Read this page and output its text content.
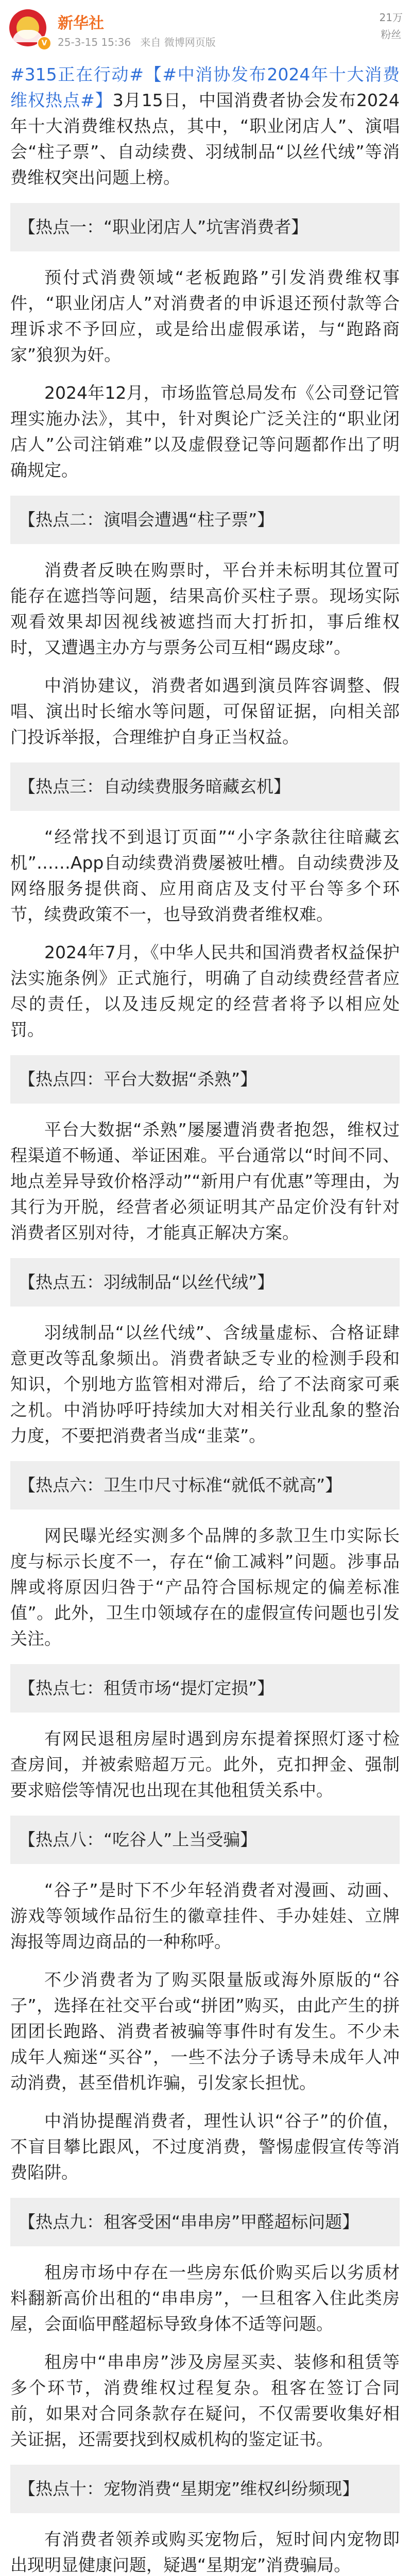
V
新华社
25-3-15 15:36 来自 微博网页版
21万
粉丝

#315正在行动#【#中消协发布2024年十大消费维权热点#】3月15日，中国消费者协会发布2024年十大消费维权热点，其中，“职业闭店人”、演唱会“柱子票”、自动续费、羽绒制品“以丝代绒”等消费维权突出问题上榜。

【热点一：“职业闭店人”坑害消费者】

预付式消费领域“老板跑路”引发消费维权事件，“职业闭店人”对消费者的申诉退还预付款等合理诉求不予回应，或是给出虚假承诺，与“跑路商家”狼狈为奸。

2024年12月，市场监管总局发布《公司登记管理实施办法》，其中，针对舆论广泛关注的“职业闭店人”公司注销难”以及虚假登记等问题都作出了明确规定。

【热点二：演唱会遭遇“柱子票”】

消费者反映在购票时，平台并未标明其位置可能存在遮挡等问题，结果高价买柱子票。现场实际观看效果却因视线被遮挡而大打折扣，事后维权时，又遭遇主办方与票务公司互相“踢皮球”。

中消协建议，消费者如遇到演员阵容调整、假唱、演出时长缩水等问题，可保留证据，向相关部门投诉举报，合理维护自身正当权益。

【热点三：自动续费服务暗藏玄机】

“经常找不到退订页面”“小字条款往往暗藏玄机”……App自动续费消费屡被吐槽。自动续费涉及网络服务提供商、应用商店及支付平台等多个环节，续费政策不一，也导致消费者维权难。

2024年7月，《中华人民共和国消费者权益保护法实施条例》正式施行，明确了自动续费经营者应尽的责任，以及违反规定的经营者将予以相应处罚。

【热点四：平台大数据“杀熟”】

平台大数据“杀熟”屡屡遭消费者抱怨，维权过程渠道不畅通、举证困难。平台通常以“时间不同、地点差异导致价格浮动”“新用户有优惠”等理由，为其行为开脱，经营者必须证明其产品定价没有针对消费者区别对待，才能真正解决方案。

【热点五：羽绒制品“以丝代绒”】

羽绒制品“以丝代绒”、含绒量虚标、合格证肆意更改等乱象频出。消费者缺乏专业的检测手段和知识，个别地方监管相对滞后，给了不法商家可乘之机。中消协呼吁持续加大对相关行业乱象的整治力度，不要把消费者当成“韭菜”。

【热点六：卫生巾尺寸标准“就低不就高”】

网民曝光经实测多个品牌的多款卫生巾实际长度与标示长度不一，存在“偷工减料”问题。涉事品牌或将原因归咎于“产品符合国标规定的偏差标准值”。此外，卫生巾领域存在的虚假宣传问题也引发关注。

【热点七：租赁市场“提灯定损”】

有网民退租房屋时遇到房东提着探照灯逐寸检查房间，并被索赔超万元。此外，克扣押金、强制要求赔偿等情况也出现在其他租赁关系中。

【热点八：“吃谷人”上当受骗】

“谷子”是时下不少年轻消费者对漫画、动画、游戏等领域作品衍生的徽章挂件、手办娃娃、立牌海报等周边商品的一种称呼。

不少消费者为了购买限量版或海外原版的“谷子”，选择在社交平台或“拼团”购买，由此产生的拼团团长跑路、消费者被骗等事件时有发生。不少未成年人痴迷“买谷”，一些不法分子诱导未成年人冲动消费，甚至借机诈骗，引发家长担忧。

中消协提醒消费者，理性认识“谷子”的价值，不盲目攀比跟风，不过度消费，警惕虚假宣传等消费陷阱。

【热点九：租客受困“串串房”甲醛超标问题】

租房市场中存在一些房东低价购买后以劣质材料翻新高价出租的“串串房”，一旦租客入住此类房屋，会面临甲醛超标导致身体不适等问题。

租房中“串串房”涉及房屋买卖、装修和租赁等多个环节，消费维权过程复杂。租客在签订合同前，如果对合同条款存在疑问，不仅需要收集好相关证据，还需要找到权威机构的鉴定证书。

【热点十：宠物消费“星期宠”维权纠纷频现】

有消费者领养或购买宠物后，短时间内宠物即出现明显健康问题，疑遇“星期宠”消费骗局。
